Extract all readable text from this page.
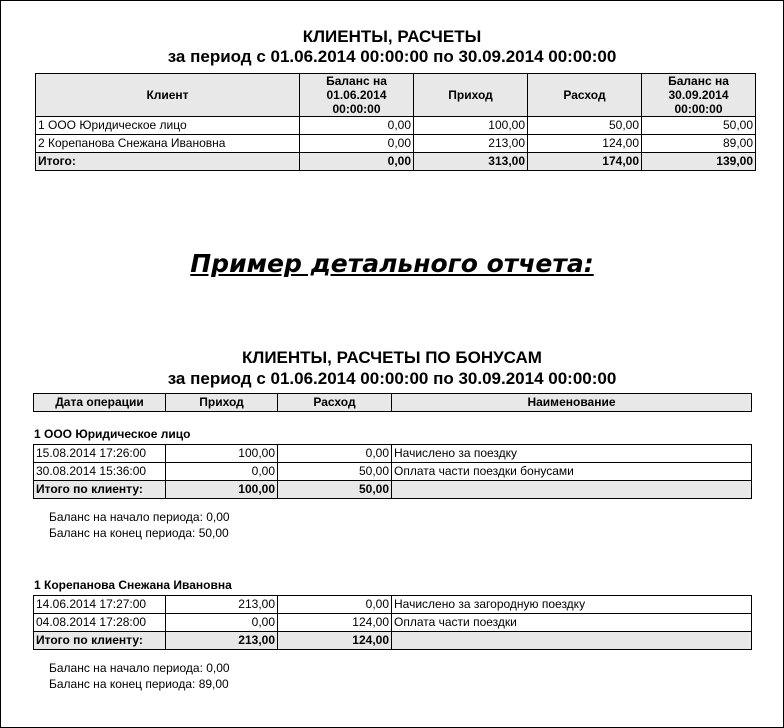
КЛИЕНТЫ, РАСЧЕТЫ
за период с 01.06.2014 00:00:00 по 30.09.2014 00:00:00
Клиент	Баланс на 01.06.2014 00:00:00	Приход	Расход	Баланс на 30.09.2014 00:00:00
1 ООО Юридическое лицо	0,00	100,00	50,00	50,00
2 Корепанова Снежана Ивановна	0,00	213,00	124,00	89,00
Итого:	0,00	313,00	174,00	139,00
Пример детального отчета:
КЛИЕНТЫ, РАСЧЕТЫ ПО БОНУСАМ
за период с 01.06.2014 00:00:00 по 30.09.2014 00:00:00
Дата операции	Приход	Расход	Наименование
1 ООО Юридическое лицо
15.08.2014 17:26:00	100,00	0,00	Начислено за поездку
30.08.2014 15:36:00	0,00	50,00	Оплата части поездки бонусами
Итого по клиенту:	100,00	50,00	
Баланс на начало периода: 0,00
Баланс на конец периода: 50,00
1 Корепанова Снежана Ивановна
14.06.2014 17:27:00	213,00	0,00	Начислено за загородную поездку
04.08.2014 17:28:00	0,00	124,00	Оплата части поездки
Итого по клиенту:	213,00	124,00	
Баланс на начало периода: 0,00
Баланс на конец периода: 89,00
